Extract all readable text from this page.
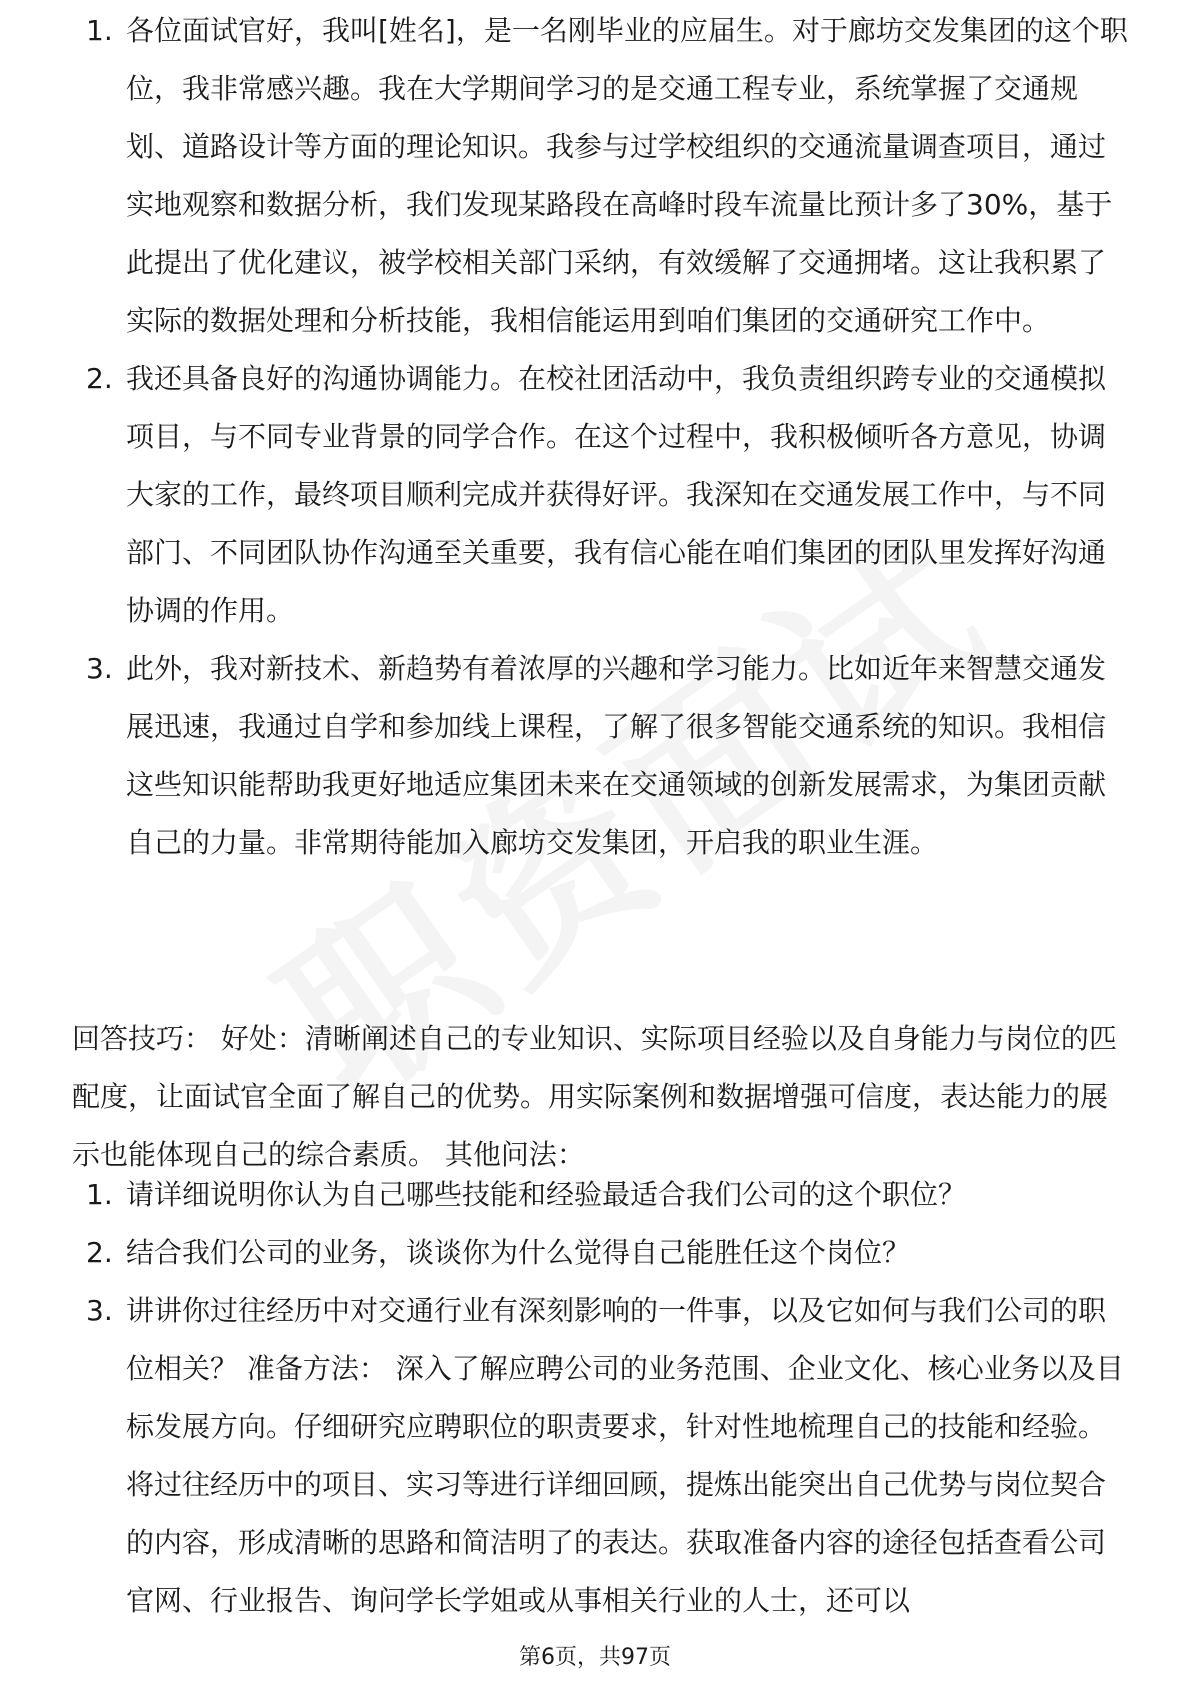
1. 各位面试官好，我叫[姓名]，是一名刚毕业的应届生。对于廊坊交发集团的这个职位，我非常感兴趣。我在大学期间学习的是交通工程专业，系统掌握了交通规划、道路设计等方面的理论知识。我参与过学校组织的交通流量调查项目，通过实地观察和数据分析，我们发现某路段在高峰时段车流量比预计多了30%，基于此提出了优化建议，被学校相关部门采纳，有效缓解了交通拥堵。这让我积累了实际的数据处理和分析技能，我相信能运用到咱们集团的交通研究工作中。
2. 我还具备良好的沟通协调能力。在校社团活动中，我负责组织跨专业的交通模拟项目，与不同专业背景的同学合作。在这个过程中，我积极倾听各方意见，协调大家的工作，最终项目顺利完成并获得好评。我深知在交通发展工作中，与不同部门、不同团队协作沟通至关重要，我有信心能在咱们集团的团队里发挥好沟通协调的作用。
3. 此外，我对新技术、新趋势有着浓厚的兴趣和学习能力。比如近年来智慧交通发展迅速，我通过自学和参加线上课程，了解了很多智能交通系统的知识。我相信这些知识能帮助我更好地适应集团未来在交通领域的创新发展需求，为集团贡献自己的力量。非常期待能加入廊坊交发集团，开启我的职业生涯。

回答技巧： 好处：清晰阐述自己的专业知识、实际项目经验以及自身能力与岗位的匹配度，让面试官全面了解自己的优势。用实际案例和数据增强可信度，表达能力的展示也能体现自己的综合素质。 其他问法：

1. 请详细说明你认为自己哪些技能和经验最适合我们公司的这个职位？
2. 结合我们公司的业务，谈谈你为什么觉得自己能胜任这个岗位？
3. 讲讲你过往经历中对交通行业有深刻影响的一件事，以及它如何与我们公司的职位相关？ 准备方法： 深入了解应聘公司的业务范围、企业文化、核心业务以及目标发展方向。仔细研究应聘职位的职责要求，针对性地梳理自己的技能和经验。将过往经历中的项目、实习等进行详细回顾，提炼出能突出自己优势与岗位契合的内容，形成清晰的思路和简洁明了的表达。获取准备内容的途径包括查看公司官网、行业报告、询问学长学姐或从事相关行业的人士，还可以
第6页，共97页
